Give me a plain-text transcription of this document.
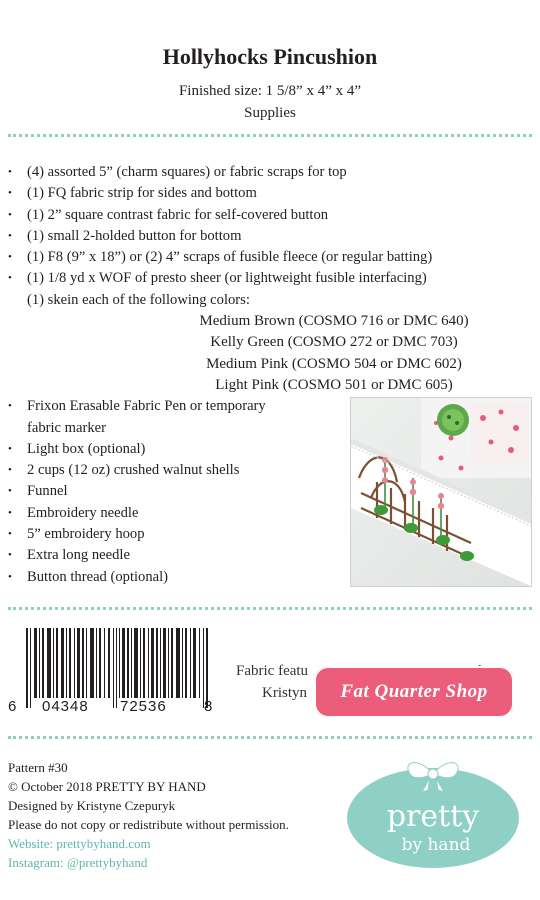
Hollyhocks Pincushion
Finished size: 1 5/8” x 4” x 4”
Supplies
• (4) assorted 5” (charm squares) or fabric scraps for top
• (1) FQ fabric strip for sides and bottom
• (1) 2” square contrast fabric for self-covered button
• (1) small 2-holded button for bottom
• (1) F8 (9” x 18”) or (2) 4” scraps of fusible fleece (or regular batting)
• (1) 1/8 yd x WOF of presto sheer (or lightweight fusible interfacing)
(1) skein each of the following colors:
Medium Brown (COSMO 716 or DMC 640)
Kelly Green (COSMO 272 or DMC 703)
Medium Pink (COSMO 504 or DMC 602)
Light Pink (COSMO 501 or DMC 605)
• Frixon Erasable Fabric Pen or temporary
fabric marker
• Light box (optional)
• 2 cups (12 oz) crushed walnut shells
• Funnel
• Embroidery needle
• 5” embroidery hoop
• Extra long needle
• Button thread (optional)
6 04348 72536 8
Fabric featu
Kristyn	Fat Quarter Shop
Pattern #30
© October 2018 PRETTY BY HAND
Designed by Kristyne Czepuryk
Please do not copy or redistribute without permission.
Website: prettybyhand.com
Instagram: @prettybyhand
pretty
by hand
